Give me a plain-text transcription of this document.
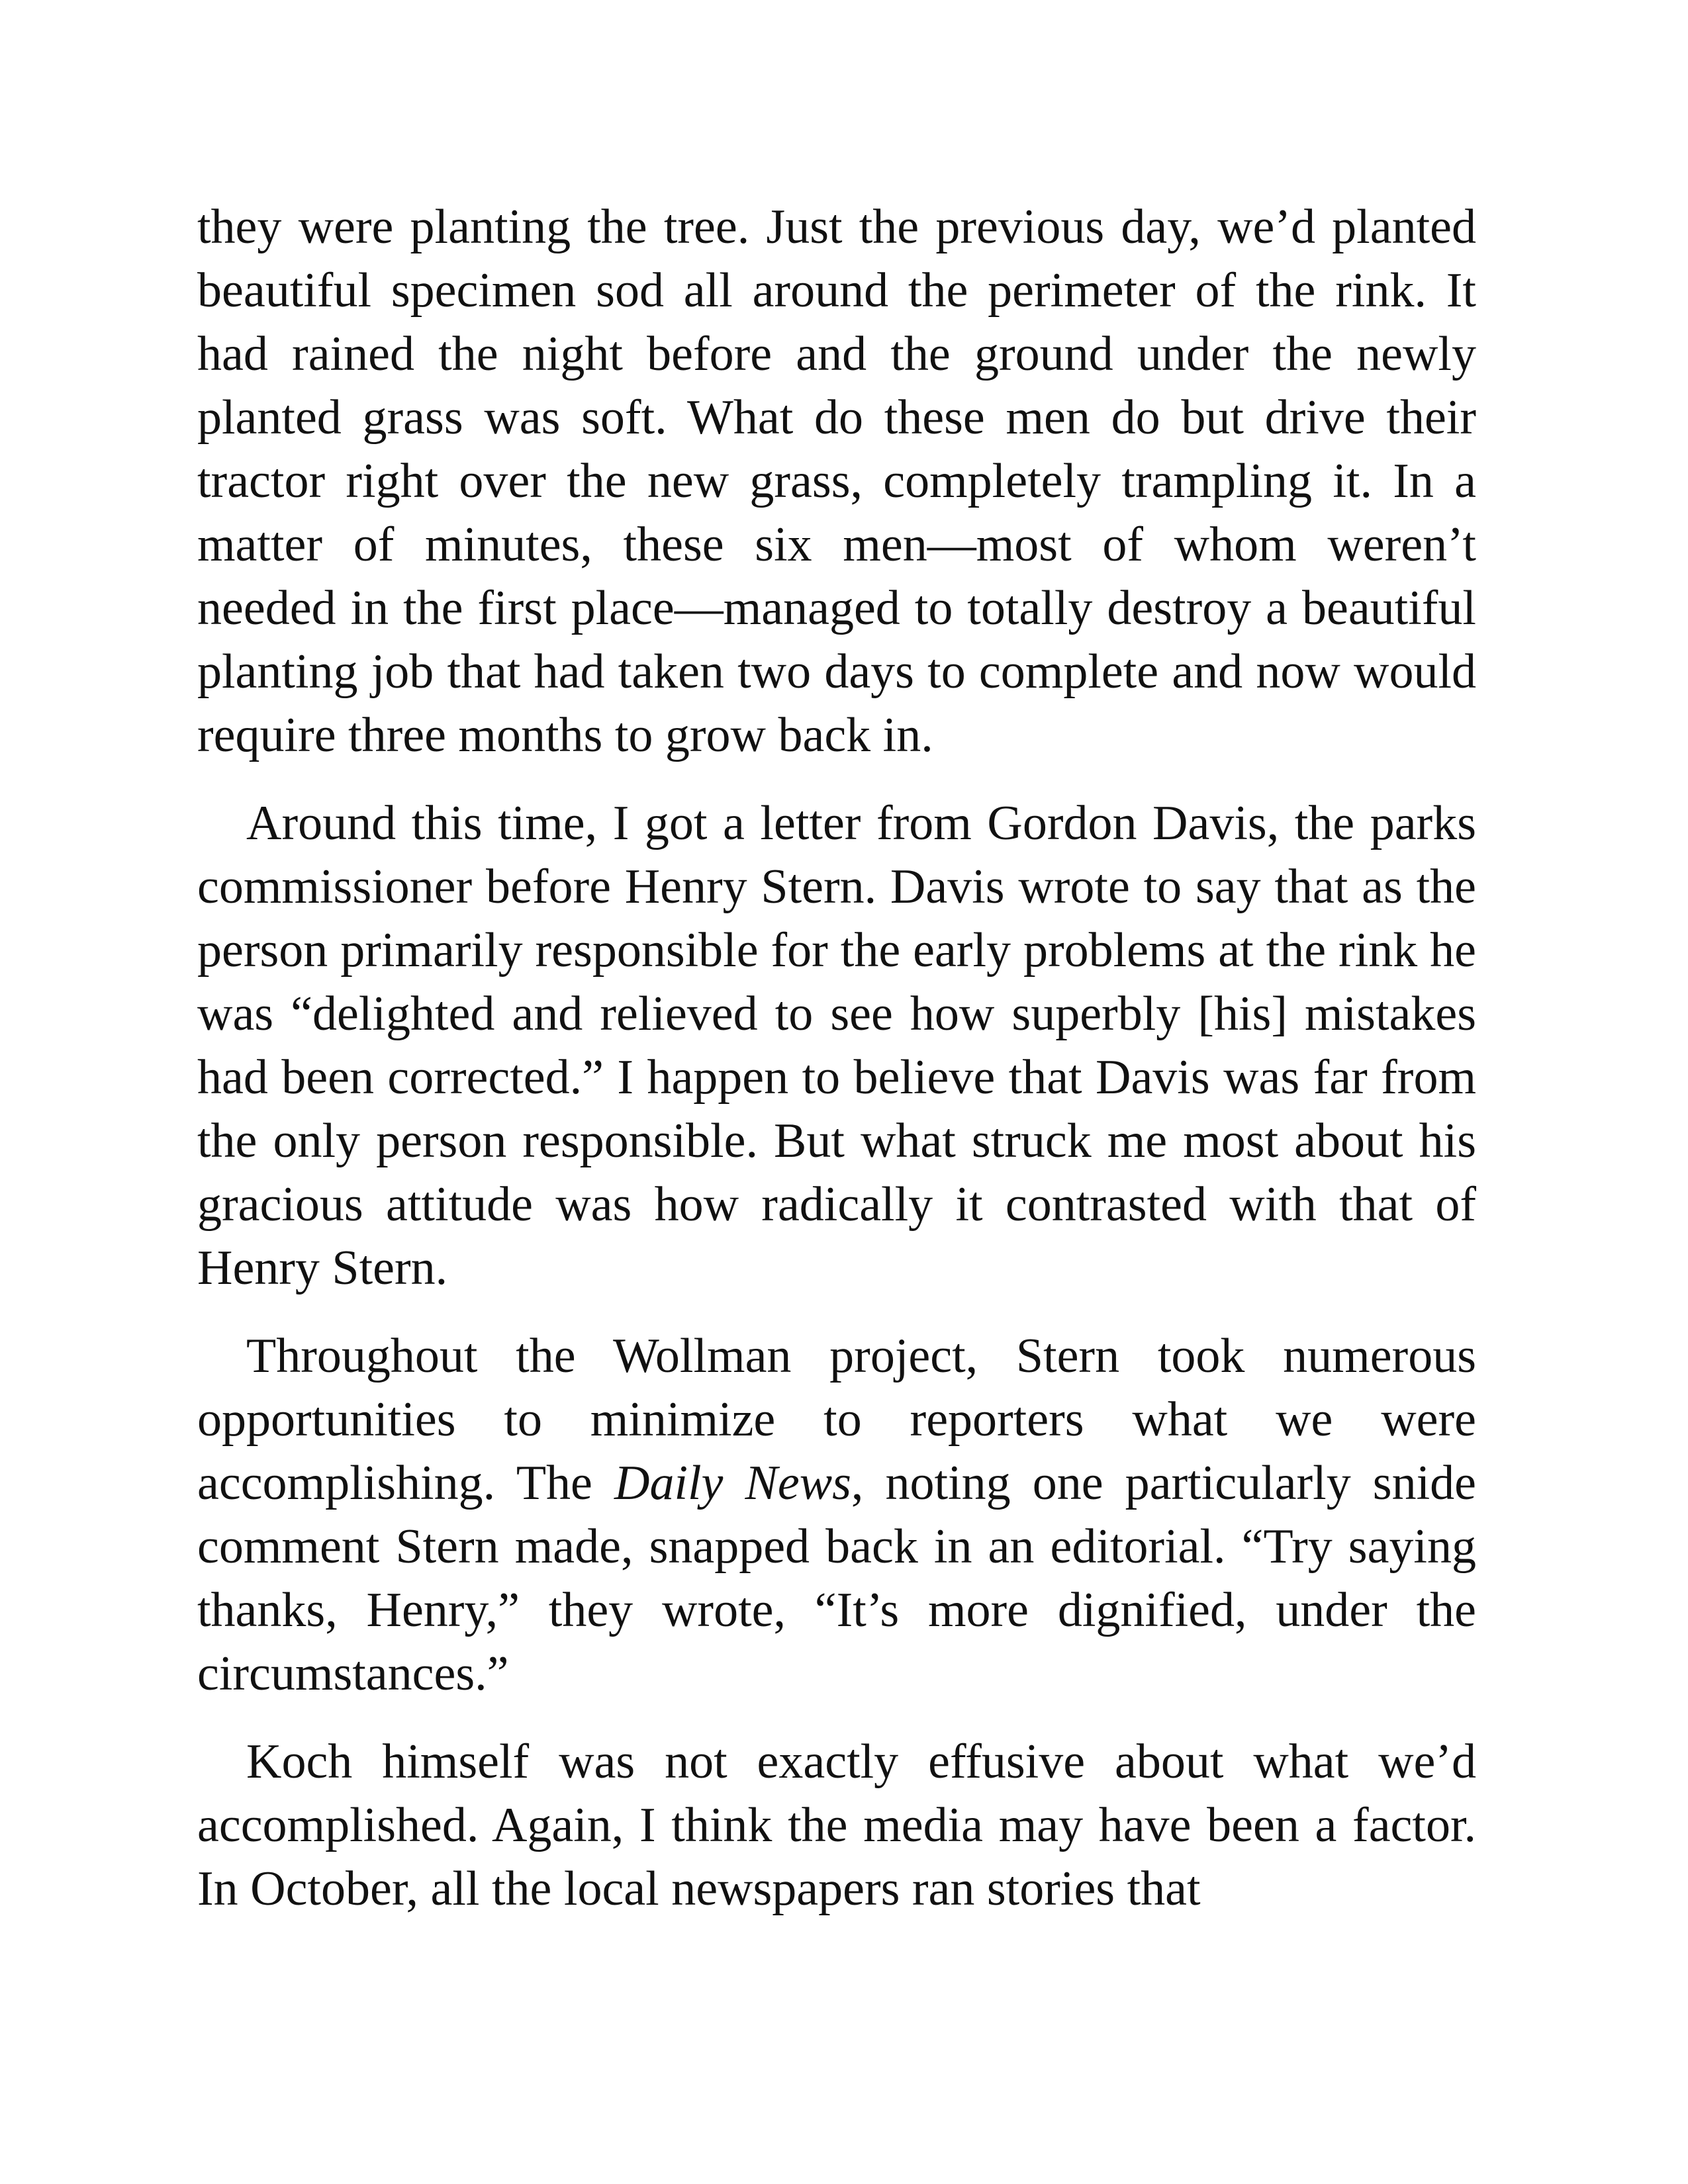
they were planting the tree. Just the previous day, we’d planted beautiful specimen sod all around the perimeter of the rink. It had rained the night before and the ground under the newly planted grass was soft. What do these men do but drive their tractor right over the new grass, completely trampling it. In a matter of minutes, these six men—most of whom weren’t needed in the first place—managed to totally destroy a beautiful planting job that had taken two days to complete and now would require three months to grow back in.

Around this time, I got a letter from Gordon Davis, the parks commissioner before Henry Stern. Davis wrote to say that as the person primarily responsible for the early problems at the rink he was “delighted and relieved to see how superbly [his] mistakes had been corrected.” I happen to believe that Davis was far from the only person responsible. But what struck me most about his gracious attitude was how radically it contrasted with that of Henry Stern.

Throughout the Wollman project, Stern took numerous opportunities to minimize to reporters what we were accomplishing. The Daily News, noting one particularly snide comment Stern made, snapped back in an editorial. “Try saying thanks, Henry,” they wrote, “It’s more dignified, under the circumstances.”

Koch himself was not exactly effusive about what we’d accomplished. Again, I think the media may have been a factor. In October, all the local newspapers ran stories that
